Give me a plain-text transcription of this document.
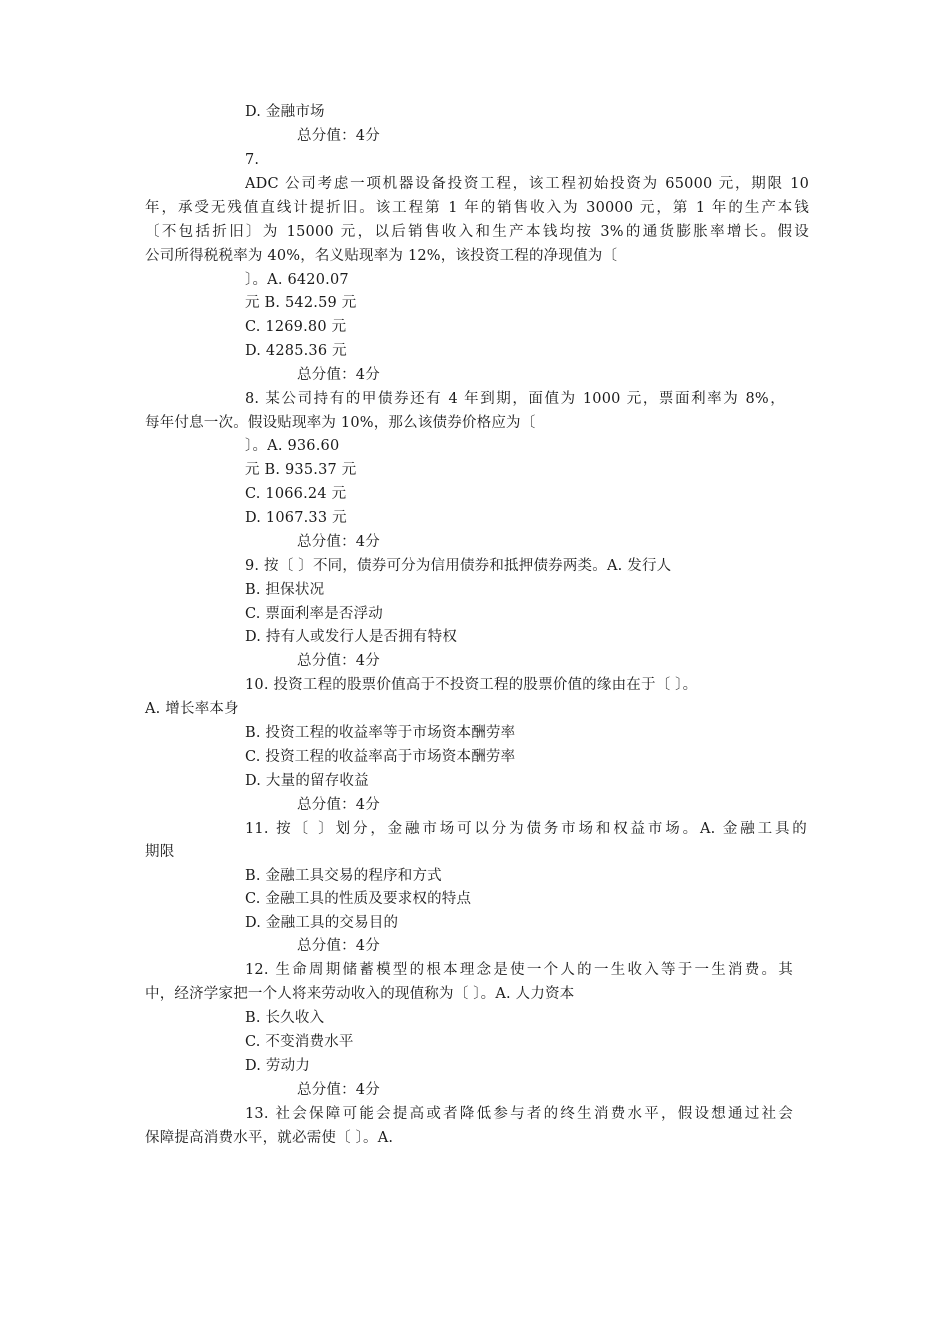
D. 金融市场
总分值：4分
7.
ADC 公司考虑一项机器设备投资工程，该工程初始投资为 65000 元，期限 10
年，承受无残值直线计提折旧。该工程第 1 年的销售收入为 30000 元，第 1 年的生产本钱
〔不包括折旧〕为 15000 元，以后销售收入和生产本钱均按 3%的通货膨胀率增长。假设
公司所得税税率为 40%，名义贴现率为 12%，该投资工程的净现值为〔
〕。A. 6420.07
元 B. 542.59 元
C. 1269.80 元
D. 4285.36 元
总分值：4分
8. 某公司持有的甲债券还有 4 年到期，面值为 1000 元，票面利率为 8%，
每年付息一次。假设贴现率为 10%，那么该债券价格应为〔
〕。A. 936.60
元 B. 935.37 元
C. 1066.24 元
D. 1067.33 元
总分值：4分
9. 按〔 〕不同，债券可分为信用债券和抵押债券两类。A. 发行人
B. 担保状况
C. 票面利率是否浮动
D. 持有人或发行人是否拥有特权
总分值：4分
10. 投资工程的股票价值高于不投资工程的股票价值的缘由在于〔 〕。
A. 增长率本身
B. 投资工程的收益率等于市场资本酬劳率
C. 投资工程的收益率高于市场资本酬劳率
D. 大量的留存收益
总分值：4分
11. 按〔 〕划分，金融市场可以分为债务市场和权益市场。A. 金融工具的
期限
B. 金融工具交易的程序和方式
C. 金融工具的性质及要求权的特点
D. 金融工具的交易目的
总分值：4分
12. 生命周期储蓄模型的根本理念是使一个人的一生收入等于一生消费。其
中，经济学家把一个人将来劳动收入的现值称为〔 〕。A. 人力资本
B. 长久收入
C. 不变消费水平
D. 劳动力
总分值：4分
13. 社会保障可能会提高或者降低参与者的终生消费水平，假设想通过社会
保障提高消费水平，就必需使〔 〕。A.
